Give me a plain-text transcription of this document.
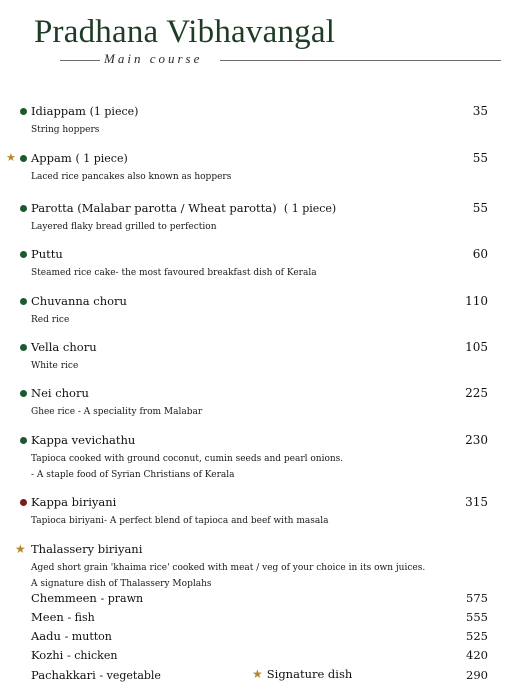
Pradhana Vibhavangal
Main course
Idiappam (1 piece)	35
String hoppers
★ Appam ( 1 piece)	55
Laced rice pancakes also known as hoppers
Parotta (Malabar parotta / Wheat parotta) ( 1 piece)	55
Layered flaky bread grilled to perfection
Puttu	60
Steamed rice cake- the most favoured breakfast dish of Kerala
Chuvanna choru	110
Red rice
Vella choru	105
White rice
Nei choru	225
Ghee rice - A speciality from Malabar
Kappa vevichathu	230
Tapioca cooked with ground coconut, cumin seeds and pearl onions.
- A staple food of Syrian Christians of Kerala
Kappa biriyani	315
Tapioca biriyani- A perfect blend of tapioca and beef with masala
★ Thalassery biriyani
Aged short grain 'khaima rice' cooked with meat / veg of your choice in its own juices.
A signature dish of Thalassery Moplahs
Chemmeen - prawn	575
Meen - fish	555
Aadu - mutton	525
Kozhi - chicken	420
Pachakkari - vegetable	290
★ Signature dish
